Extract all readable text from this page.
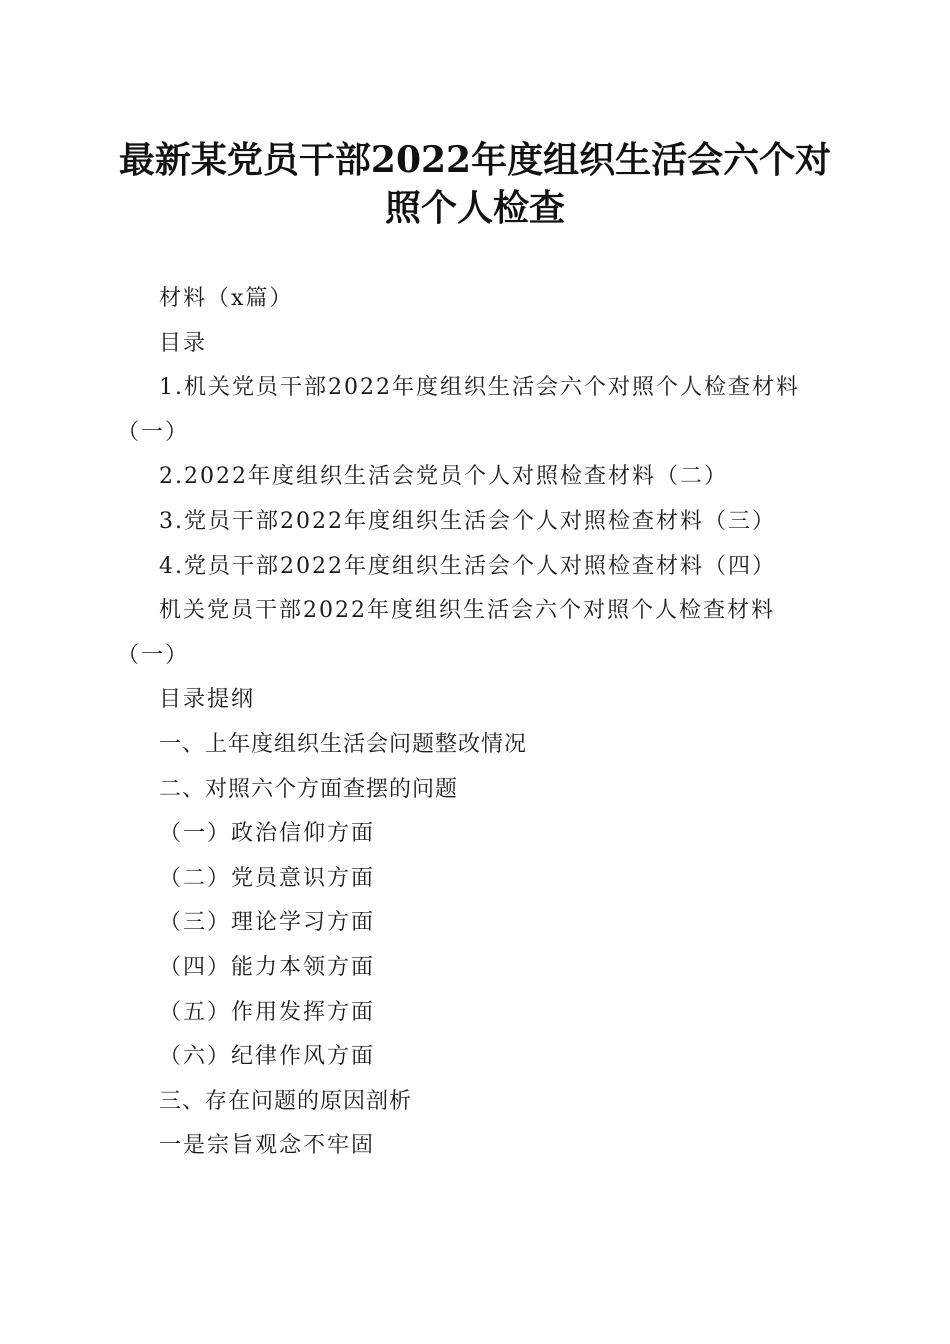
最新某党员干部2022年度组织生活会六个对
照个人检查

材料（x篇）

目录

1.机关党员干部2022年度组织生活会六个对照个人检查材料（一）

2.2022年度组织生活会党员个人对照检查材料（二）

3.党员干部2022年度组织生活会个人对照检查材料（三）

4.党员干部2022年度组织生活会个人对照检查材料（四）

机关党员干部2022年度组织生活会六个对照个人检查材料（一）

目录提纲

一、上年度组织生活会问题整改情况

二、对照六个方面查摆的问题

（一）政治信仰方面

（二）党员意识方面

（三）理论学习方面

（四）能力本领方面

（五）作用发挥方面

（六）纪律作风方面

三、存在问题的原因剖析

一是宗旨观念不牢固
